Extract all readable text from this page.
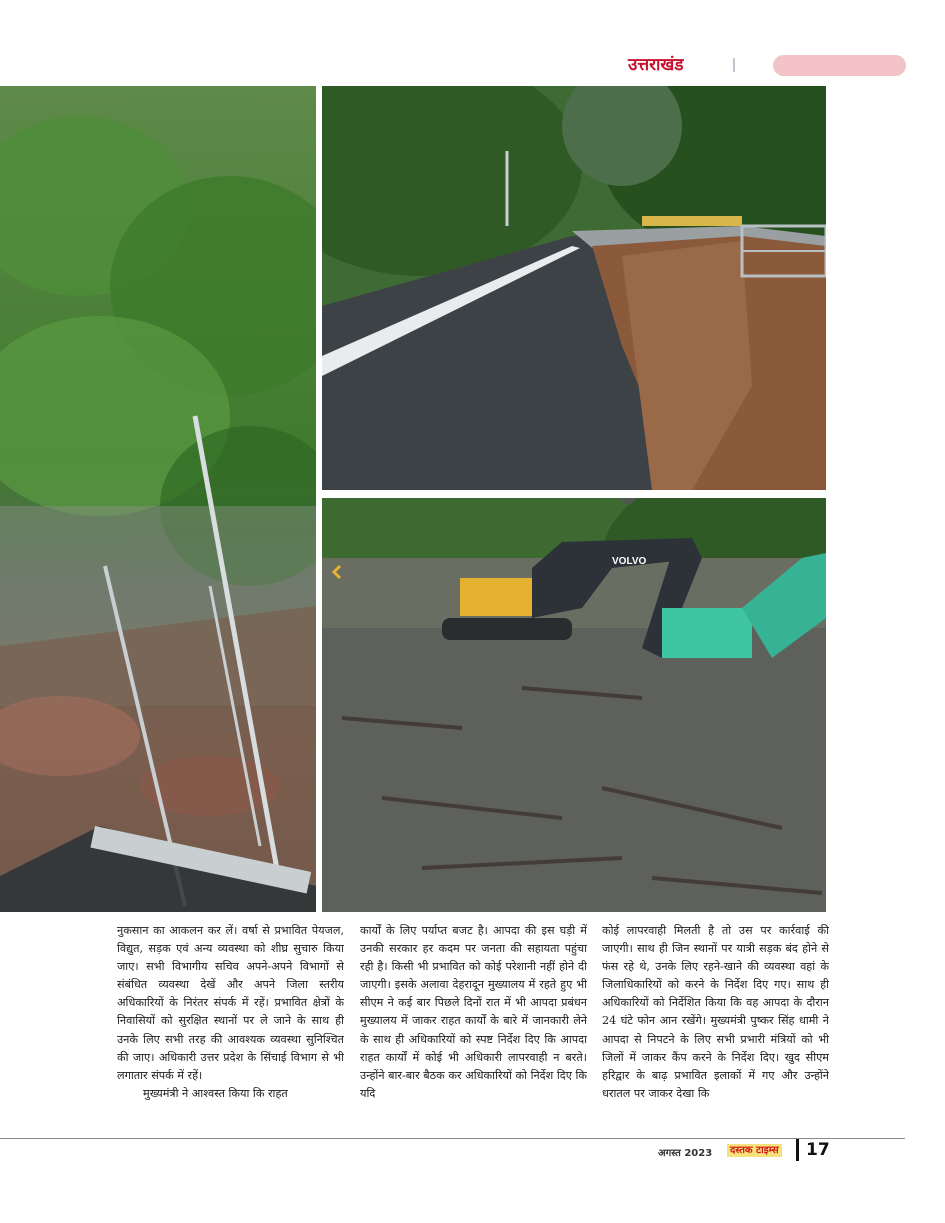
उत्तराखंड
VOLVO

नुकसान का आकलन कर लें। वर्षा से प्रभावित पेयजल, विद्युत, सड़क एवं अन्य व्यवस्था को शीघ्र सुचारु किया जाए। सभी विभागीय सचिव अपने-अपने विभागों से संबंधित व्यवस्था देखें और अपने जिला स्तरीय अधिकारियों के निरंतर संपर्क में रहें। प्रभावित क्षेत्रों के निवासियों को सुरक्षित स्थानों पर ले जाने के साथ ही उनके लिए सभी तरह की आवश्यक व्यवस्था सुनिश्चित की जाए। अधिकारी उत्तर प्रदेश के सिंचाई विभाग से भी लगातार संपर्क में रहें।

मुख्यमंत्री ने आश्वस्त किया कि राहत

कार्यों के लिए पर्याप्त बजट है। आपदा की इस घड़ी में उनकी सरकार हर कदम पर जनता की सहायता पहुंचा रही है। किसी भी प्रभावित को कोई परेशानी नहीं होने दी जाएगी। इसके अलावा देहरादून मुख्यालय में रहते हुए भी सीएम ने कई बार पिछले दिनों रात में भी आपदा प्रबंधन मुख्यालय में जाकर राहत कार्यों के बारे में जानकारी लेने के साथ ही अधिकारियों को स्पष्ट निर्देश दिए कि आपदा राहत कार्यों में कोई भी अधिकारी लापरवाही न बरते। उन्होंने बार-बार बैठक कर अधिकारियों को निर्देश दिए कि यदि

कोई लापरवाही मिलती है तो उस पर कार्रवाई की जाएगी। साथ ही जिन स्थानों पर यात्री सड़क बंद होने से फंस रहे थे, उनके लिए रहने-खाने की व्यवस्था वहां के जिलाधिकारियों को करने के निर्देश दिए गए। साथ ही अधिकारियों को निर्देशित किया कि वह आपदा के दौरान 24 घंटे फोन आन रखेंगे। मुख्यमंत्री पुष्कर सिंह धामी ने आपदा से निपटने के लिए सभी प्रभारी मंत्रियों को भी जिलों में जाकर कैंप करने के निर्देश दिए। खुद सीएम हरिद्वार के बाढ़ प्रभावित इलाकों में गए और उन्होंने धरातल पर जाकर देखा कि

अगस्त 2023	दस्तक टाइम्स 17
